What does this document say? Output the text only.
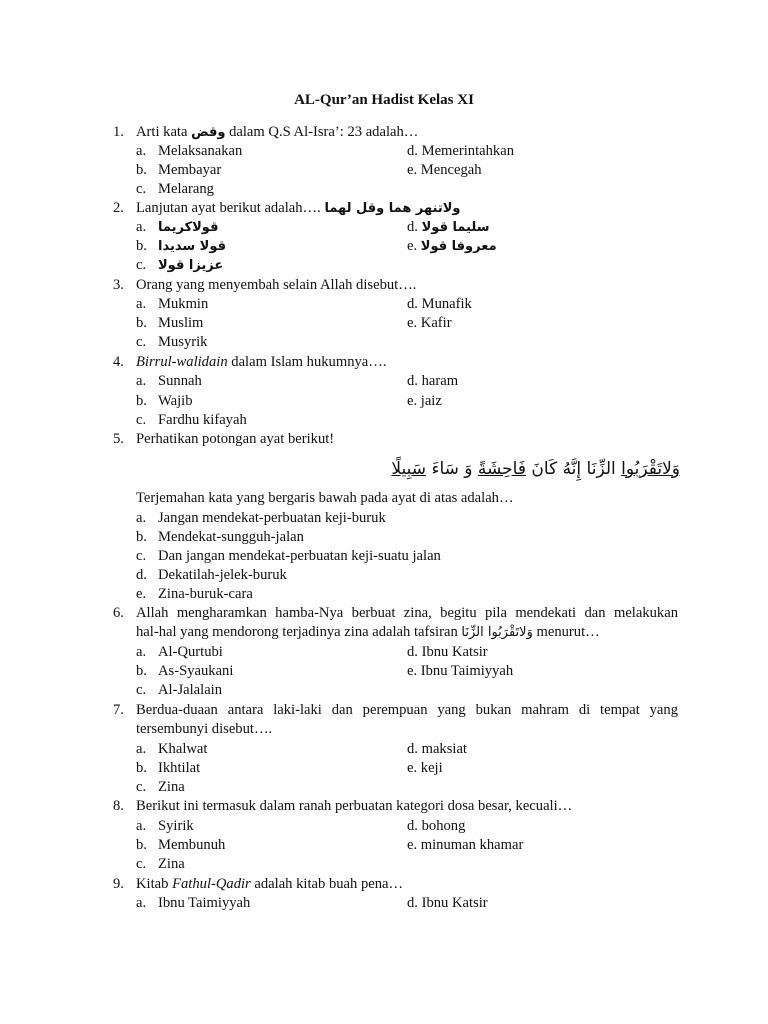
AL-Qur’an Hadist Kelas XI
1. Arti kata وقض dalam Q.S Al-Isra’: 23 adalah…
a. Melaksanakan	d. Memerintahkan
b. Membayar	e. Mencegah
c. Melarang
2. Lanjutan ayat berikut adalah…. ولاتنهر هما وقل لهما
a. قولاكريما	d. سليما قولا
b. قولا سديدا	e. معروفا قولا
c. عزيزا قولا
3. Orang yang menyembah selain Allah disebut….
a. Mukmin	d. Munafik
b. Muslim	e. Kafir
c. Musyrik
4. Birrul-walidain dalam Islam hukumnya….
a. Sunnah	d. haram
b. Wajib	e. jaiz
c. Fardhu kifayah
5. Perhatikan potongan ayat berikut!
وَلاتَقْرَبُوا الزِّنَا إِنَّهُ كَانَ فَاحِشَةً وَ سَاءَ سَبِيلًا
Terjemahan kata yang bergaris bawah pada ayat di atas adalah…
a. Jangan mendekat-perbuatan keji-buruk
b. Mendekat-sungguh-jalan
c. Dan jangan mendekat-perbuatan keji-suatu jalan
d. Dekatilah-jelek-buruk
e. Zina-buruk-cara
6. Allah mengharamkan hamba-Nya berbuat zina, begitu pila mendekati dan melakukan
hal-hal yang mendorong terjadinya zina adalah tafsiran وَلاتَقْرَبُوا الزِّنَا menurut…
a. Al-Qurtubi	d. Ibnu Katsir
b. As-Syaukani	e. Ibnu Taimiyyah
c. Al-Jalalain
7. Berdua-duaan antara laki-laki dan perempuan yang bukan mahram di tempat yang
tersembunyi disebut….
a. Khalwat	d. maksiat
b. Ikhtilat	e. keji
c. Zina
8. Berikut ini termasuk dalam ranah perbuatan kategori dosa besar, kecuali…
a. Syirik	d. bohong
b. Membunuh	e. minuman khamar
c. Zina
9. Kitab Fathul-Qadir adalah kitab buah pena…
a. Ibnu Taimiyyah	d. Ibnu Katsir
